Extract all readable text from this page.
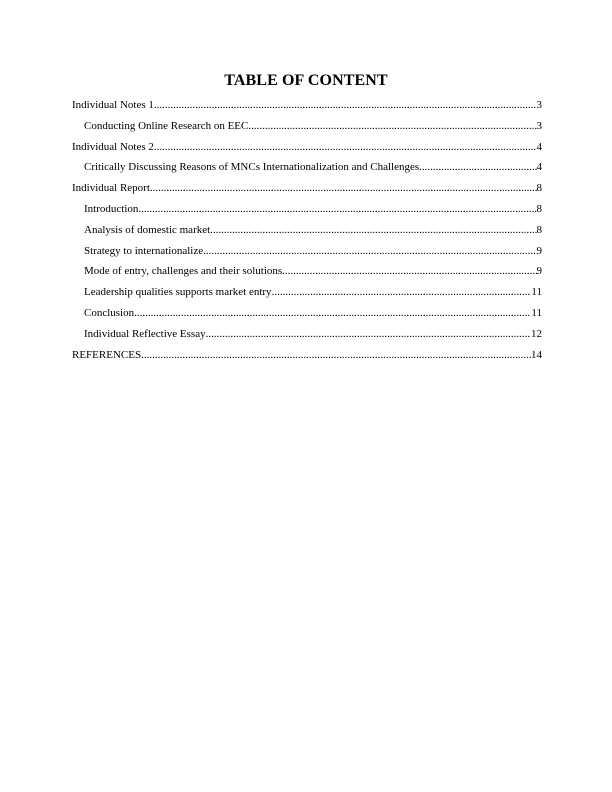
TABLE OF CONTENT
Individual Notes 1 .....	3
Conducting Online Research on EEC .....	3
Individual Notes 2 .....	4
Critically Discussing Reasons of MNCs Internationalization and Challenges .....	4
Individual Report .....	8
Introduction .....	8
Analysis of domestic market .....	8
Strategy to internationalize .....	9
Mode of entry, challenges and their solutions .....	9
Leadership qualities supports market entry .....	11
Conclusion .....	11
Individual Reflective Essay .....	12
REFERENCES .....	14
